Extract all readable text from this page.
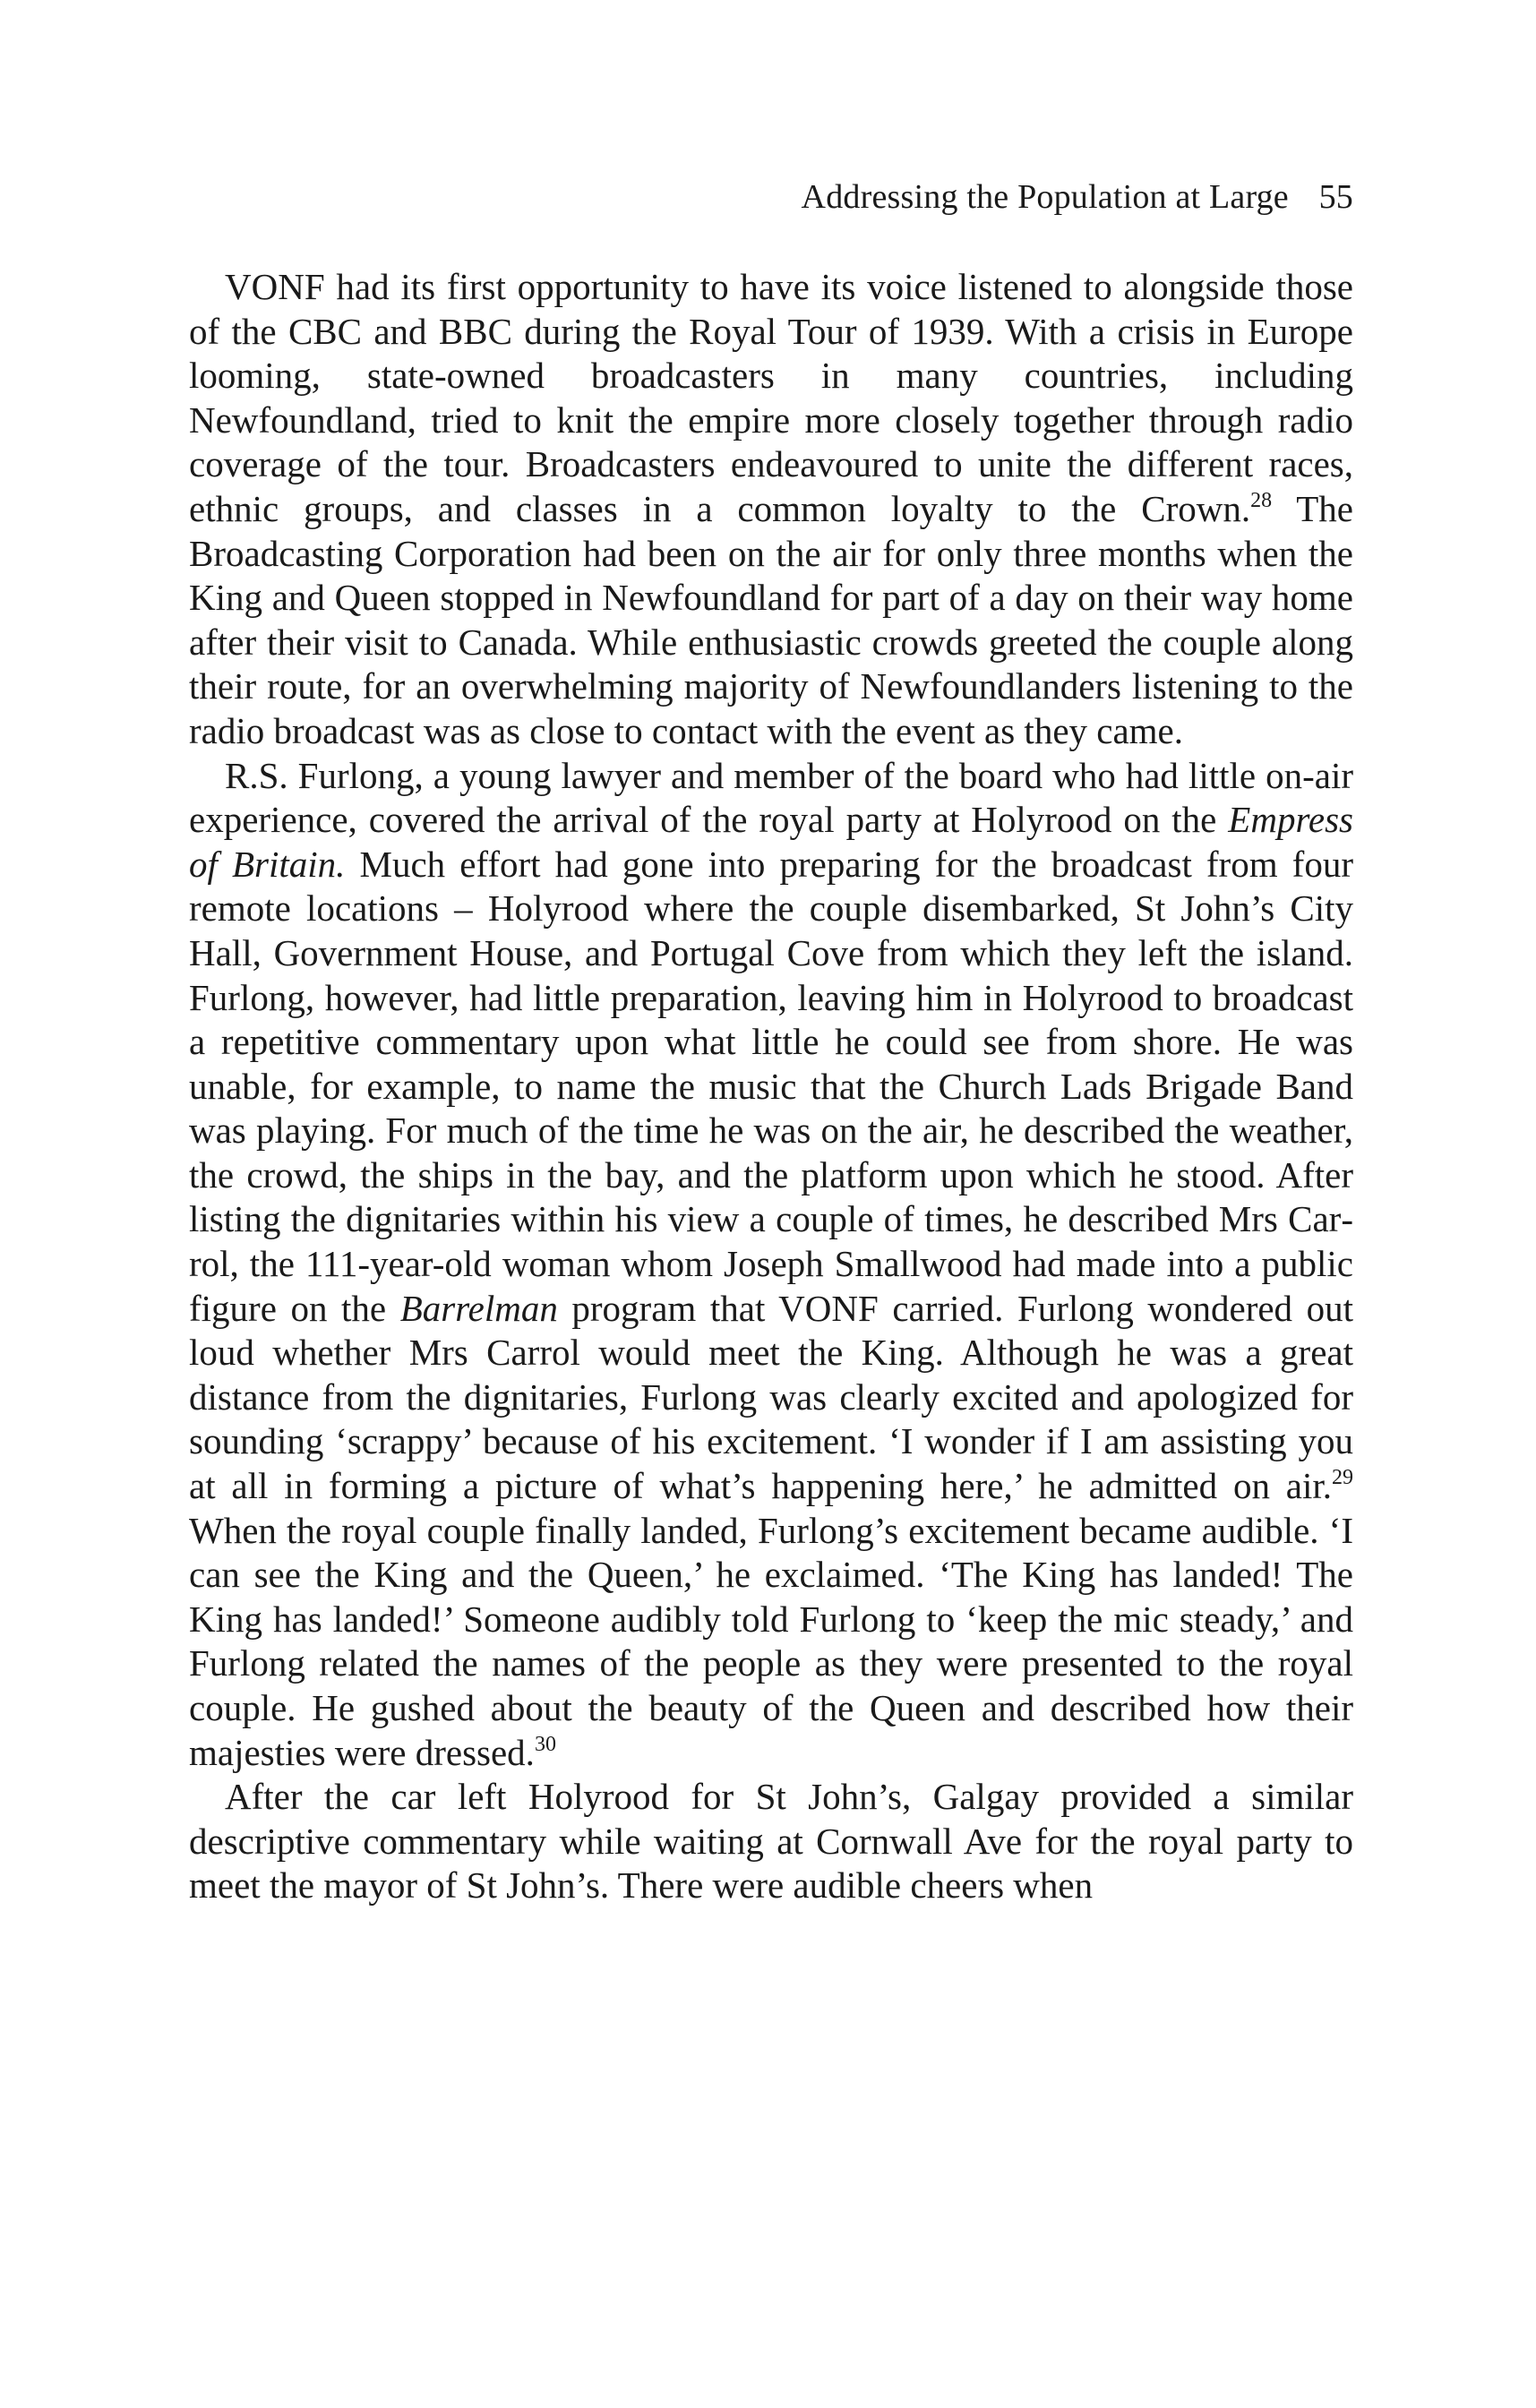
Addressing the Population at Large 55

VONF had its first opportunity to have its voice listened to alongside those of the CBC and BBC during the Royal Tour of 1939. With a crisis in Europe looming, state-owned broadcasters in many countries, including Newfoundland, tried to knit the empire more closely together through radio coverage of the tour. Broadcasters endeavoured to unite the different races, ethnic groups, and classes in a common loyalty to the Crown.$^{28}$ The Broadcasting Corporation had been on the air for only three months when the King and Queen stopped in Newfoundland for part of a day on their way home after their visit to Canada. While enthusiastic crowds greeted the couple along their route, for an overwhelming majority of Newfoundlanders listening to the radio broadcast was as close to contact with the event as they came.

R.S. Furlong, a young lawyer and member of the board who had little on-air experience, covered the arrival of the royal party at Holyrood on the Empress of Britain. Much effort had gone into preparing for the broadcast from four remote locations – Holyrood where the couple disembarked, St John’s City Hall, Government House, and Portugal Cove from which they left the island. Furlong, however, had little preparation, leaving him in Holyrood to broadcast a repetitive commentary upon what little he could see from shore. He was unable, for example, to name the music that the Church Lads Brigade Band was playing. For much of the time he was on the air, he described the weather, the crowd, the ships in the bay, and the platform upon which he stood. After listing the dignitaries within his view a couple of times, he described Mrs Carrol, the 111-year-old woman whom Joseph Smallwood had made into a public figure on the Barrelman program that VONF carried. Furlong wondered out loud whether Mrs Carrol would meet the King. Although he was a great distance from the dignitaries, Furlong was clearly excited and apologized for sounding ‘scrappy’ because of his excitement. ‘I wonder if I am assisting you at all in forming a picture of what’s happening here,’ he admitted on air.$^{29}$ When the royal couple finally landed, Furlong’s excitement became audible. ‘I can see the King and the Queen,’ he exclaimed. ‘The King has landed! The King has landed!’ Someone audibly told Furlong to ‘keep the mic steady,’ and Furlong related the names of the people as they were presented to the royal couple. He gushed about the beauty of the Queen and described how their majesties were dressed.$^{30}$

After the car left Holyrood for St John’s, Galgay provided a similar descriptive commentary while waiting at Cornwall Ave for the royal party to meet the mayor of St John’s. There were audible cheers when
